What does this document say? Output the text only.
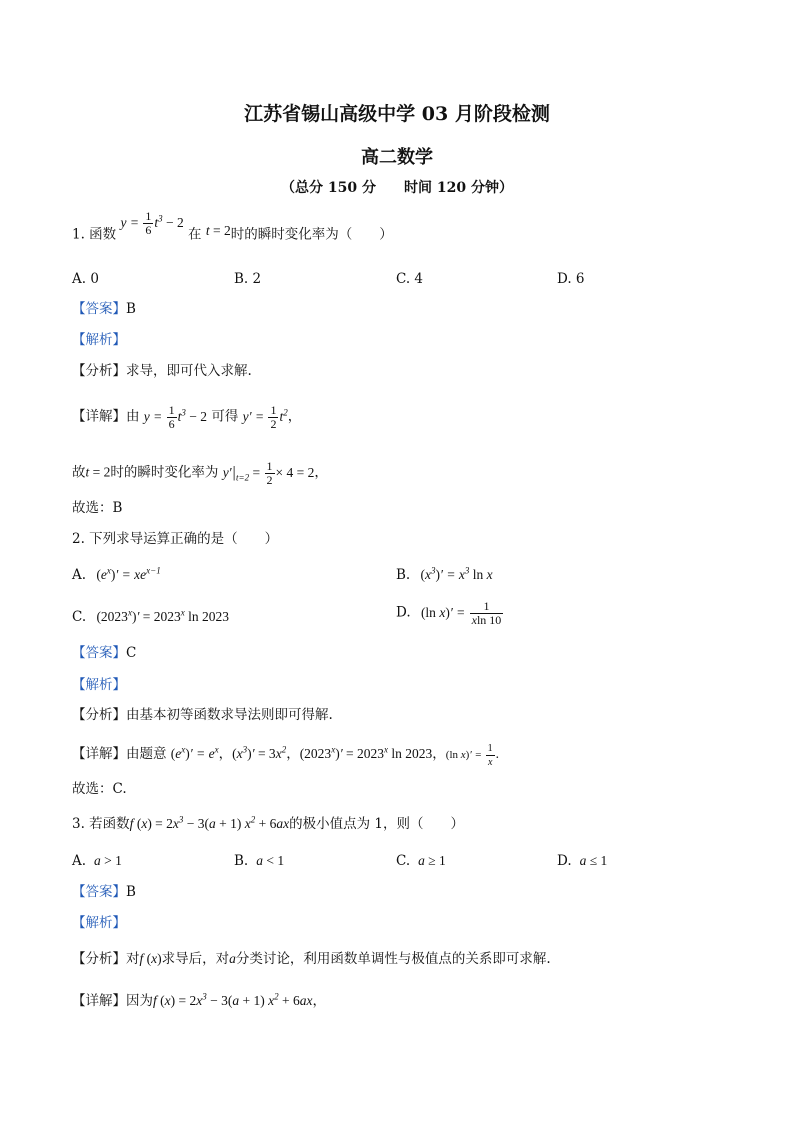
江苏省锡山高级中学 03 月阶段检测
高二数学
（总分 150 分　　时间 120 分钟）
1. 函数 $y = \frac{1}{6} t^3 - 2$ 在 t = 2时的瞬时变化率为（　　）
A. 0	B. 2	C. 4	D. 6
【答案】B
【解析】
【分析】求导，即可代入求解.
【详解】由 $y = \frac{1}{6} t^3 - 2$ 可得 $y' = \frac{1}{2} t^2$，
故t = 2时的瞬时变化率为 $y'|_{t=2} = \frac{1}{2} \times 4 = 2$，
故选：B
2. 下列求导运算正确的是（　　）
A. $(e^x)' = xe^{x-1}$	B. $(x^3)' = x^3$ ln x
C. $(2023^x)' = 2023^x$ ln 2023	D. (ln $x)' = \frac{1}{xln 10}$
【答案】C
【解析】
【分析】由基本初等函数求导法则即可得解.
【详解】由题意 $(e^x)' = e^x$，$(x^3)' = 3x^2$，$(2023^x)' = 2023^x$ ln 2023，(ln $x)' = \frac{1}{x}$ .
故选：C.
3. 若函数f $(x) = 2x^3 - 3(a + 1) x^2 + 6ax$的极小值点为 1，则（　　）
A. a > 1	B. a < 1	C. a ≥ 1	D. a ≤ 1
【答案】B
【解析】
【分析】对f (x)求导后，对a分类讨论，利用函数单调性与极值点的关系即可求解.
【详解】因为f $(x) = 2x^3 - 3(a + 1) x^2 + 6ax$，
